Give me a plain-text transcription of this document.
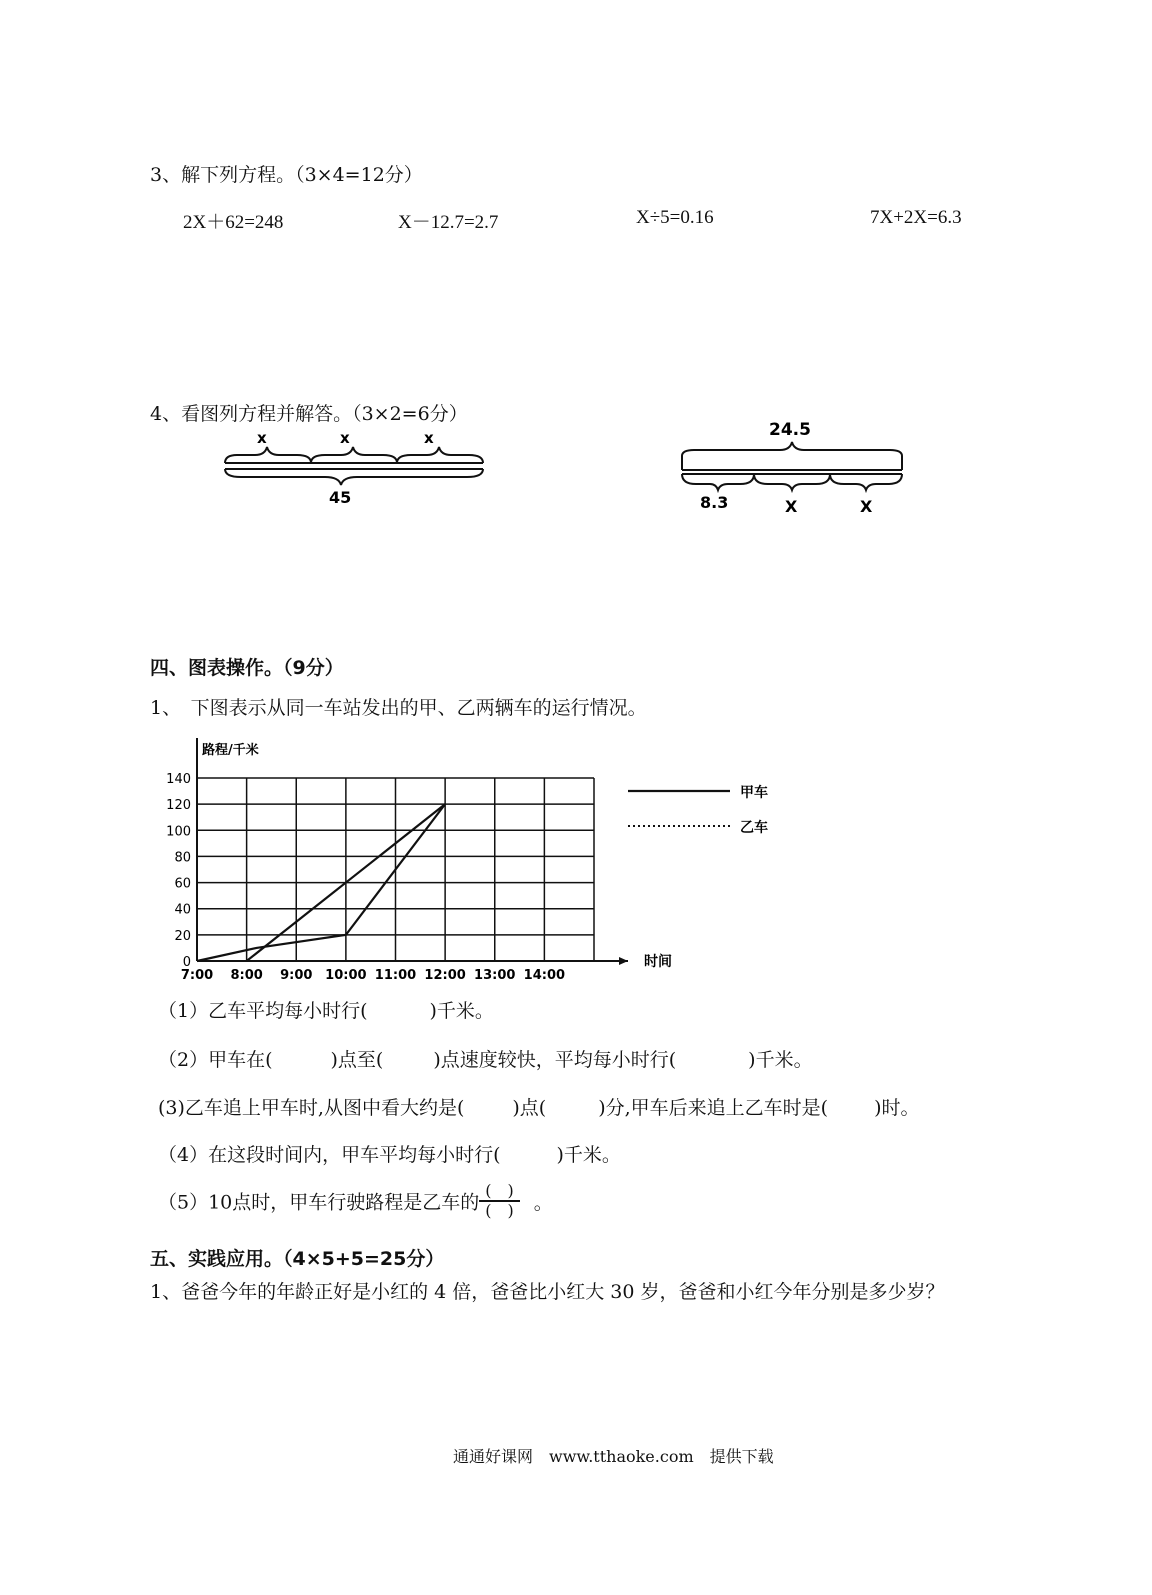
3、解下列方程。（3×4=12分）
2X＋62=248	X－12.7=2.7	X÷5=0.16	7X+2X=6.3
4、看图列方程并解答。（3×2=6分）
x	x	x
45
24.5
8.3	X	X
四、图表操作。（9分）
1、　下图表示从同一车站发出的甲、乙两辆车的运行情况。
0
20
40
60
80
100
120
140
7:00 8:00 9:00 10:00 11:00 12:00 13:00 14:00
路程/千米
时间
甲车
乙车
（1）乙车平均每小时行(	)千米。
（2）甲车在(	)点至(	)点速度较快，平均每小时行(	)千米。
(3)乙车追上甲车时,从图中看大约是(	)点(	)分,甲车后来追上乙车时是( )时。
（4）在这段时间内，甲车平均每小时行(	)千米。
（5）10点时，甲车行驶路程是乙车的 $\frac{( )}{( )}$ 。
五、实践应用。（4×5+5=25分）
1、爸爸今年的年龄正好是小红的 4 倍，爸爸比小红大 30 岁，爸爸和小红今年分别是多少岁？
通通好课网　www.tthaoke.com　提供下载
